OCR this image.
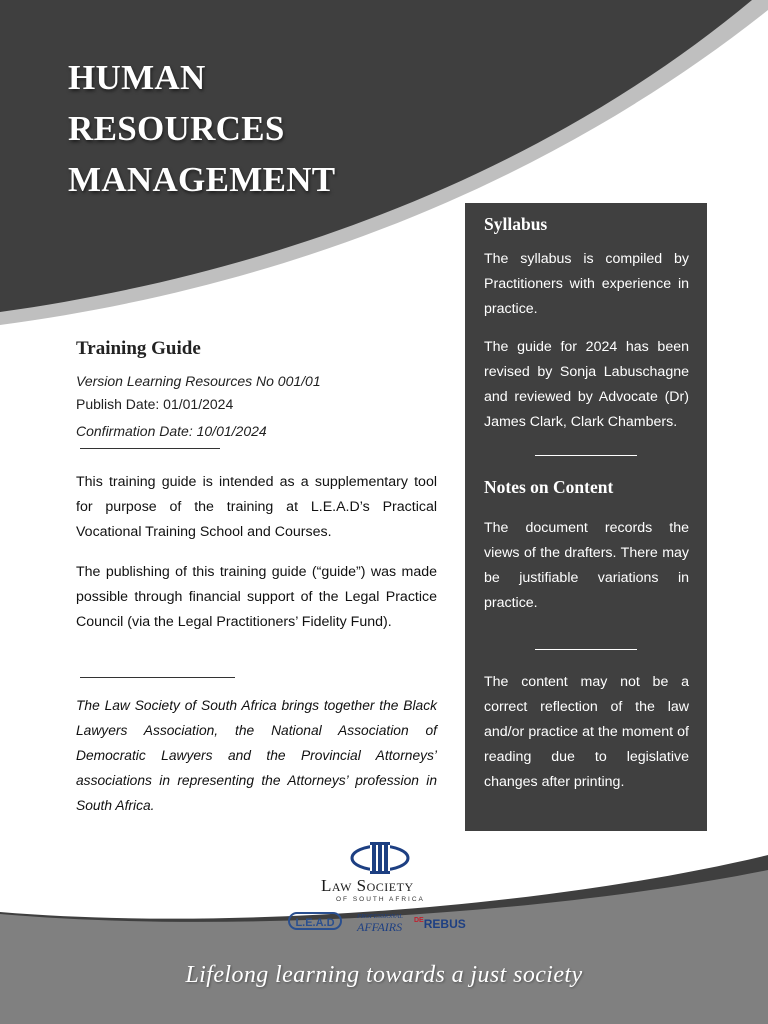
HUMAN
RESOURCES
MANAGEMENT
Training Guide
Version Learning Resources No 001/01
Publish Date: 01/01/2024
Confirmation Date: 10/01/2024

This training guide is intended as a supplementary tool for purpose of the training at L.E.A.D’s Practical Vocational Training School and Courses.

The publishing of this training guide (“guide”) was made possible through financial support of the Legal Practice Council (via the Legal Practitioners’ Fidelity Fund).

The Law Society of South Africa brings together the Black Lawyers Association, the National Association of Democratic Lawyers and the Provincial Attorneys’ associations in representing the Attorneys’ profession in South Africa.

Syllabus

The syllabus is compiled by Practitioners with experience in practice.

The guide for 2024 has been revised by Sonja Labuschagne and reviewed by Advocate (Dr) James Clark, Clark Chambers.

Notes on Content

The document records the views of the drafters. There may be justifiable variations in practice.

The content may not be a correct reflection of the law and/or practice at the moment of reading due to legislative changes after printing.

Law Society
OF SOUTH AFRICA
L.E.A.D
PROFESSIONAL
AFFAIRS $^{DE}$REBUS

Lifelong learning towards a just society
